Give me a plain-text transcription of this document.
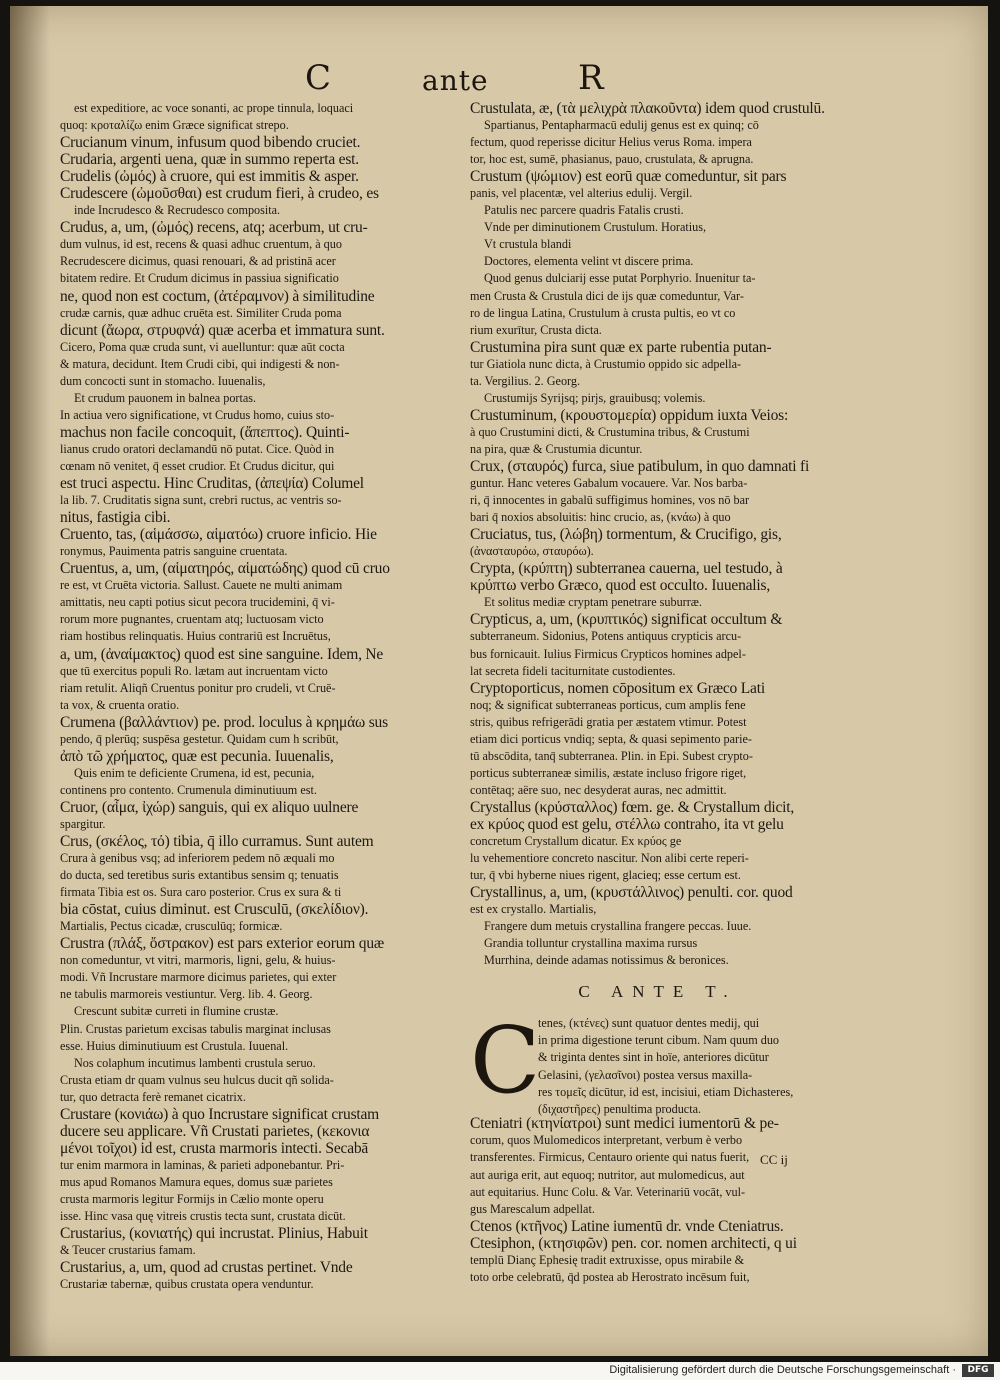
C	ante	R
est expeditiore, ac voce sonanti, ac prope tinnula, loquaci
quoq: κροταλίζω enim Græce significat strepo.
Crucianum vinum, infusum quod bibendo cruciet.
Crudaria, argenti uena, quæ in summo reperta est.
Crudelis (ὠμός) à cruore, qui est immitis & asper.
Crudescere (ὠμοῦσθαι) est crudum fieri, à crudeo, es
inde Incrudesco & Recrudesco composita.
Crudus, a, um, (ὠμός) recens, atq; acerbum, ut cru-
dum vulnus, id est, recens & quasi adhuc cruentum, à quo
Recrudescere dicimus, quasi renouari, & ad pristinā acer
bitatem redire. Et Crudum dicimus in passiua significatio
ne, quod non est coctum, (ἀτέραμνον) à similitudine
crudæ carnis, quæ adhuc cruēta est. Similiter Cruda poma
dicunt (ἄωρα, στρυφνά) quæ acerba et immatura sunt.
Cicero, Poma quæ cruda sunt, vi auelluntur: quæ aūt cocta
& matura, decidunt. Item Crudi cibi, qui indigesti & non-
dum concocti sunt in stomacho. Iuuenalis,
Et crudum pauonem in balnea portas.
In actiua vero significatione, vt Crudus homo, cuius sto-
machus non facile concoquit, (ἄπεπτος). Quinti-
lianus crudo oratori declamandū nō putat. Cice. Quòd in
cœnam nō venitet, q̄ esset crudior. Et Crudus dicitur, qui
est truci aspectu. Hinc Cruditas, (ἀπεψία) Columel
la lib. 7. Cruditatis signa sunt, crebri ructus, ac ventris so-
nitus, fastigia cibi.
Cruento, tas, (αἱμάσσω, αἱματόω) cruore inficio. Hie
ronymus, Pauimenta patris sanguine cruentata.
Cruentus, a, um, (αἱματηρός, αἱματώδης) quod cū cruo
re est, vt Cruēta victoria. Sallust. Cauete ne multi animam
amittatis, neu capti potius sicut pecora trucidemini, q̄ vi-
rorum more pugnantes, cruentam atq; luctuosam victo
riam hostibus relinquatis. Huius contrariū est Incruētus,
a, um, (ἀναίμακτος) quod est sine sanguine. Idem, Ne
que tū exercitus populi Ro. lætam aut incruentam victo
riam retulit. Aliqñ Cruentus ponitur pro crudeli, vt Cruē-
ta vox, & cruenta oratio.
Crumena (βαλλάντιον) pe. prod. loculus à κρημάω sus
pendo, q̄ plerūq; suspēsa gestetur. Quidam cum h scribūt,
ἀπὸ τῶ χρήματος, quæ est pecunia. Iuuenalis,
Quis enim te deficiente Crumena, id est, pecunia,
continens pro contento. Crumenula diminutiuum est.
Cruor, (αἷμα, ἰχώρ) sanguis, qui ex aliquo uulnere
spargitur.
Crus, (σκέλος, τό) tibia, q̄ illo curramus. Sunt autem
Crura à genibus vsq; ad inferiorem pedem nō æquali mo
do ducta, sed teretibus suris extantibus sensim q; tenuatis
firmata Tibia est os. Sura caro posterior. Crus ex sura & ti
bia cōstat, cuius diminut. est Crusculū, (σκελίδιον).
Martialis, Pectus cicadæ, crusculūq; formicæ.
Crustra (πλάξ, ὄστρακον) est pars exterior eorum quæ
non comeduntur, vt vitri, marmoris, ligni, gelu, & huius-
modi. Vñ Incrustare marmore dicimus parietes, qui exter
ne tabulis marmoreis vestiuntur. Verg. lib. 4. Georg.
Crescunt subitæ curreti in flumine crustæ.
Plin. Crustas parietum excisas tabulis marginat inclusas
esse. Huius diminutiuum est Crustula. Iuuenal.
Nos colaphum incutimus lambenti crustula seruo.
Crusta etiam dr quam vulnus seu hulcus ducit qñ solida-
tur, quo detracta ferè remanet cicatrix.
Crustare (κονιάω) à quo Incrustare significat crustam
ducere seu applicare. Vñ Crustati parietes, (κεκονια
μένοι τοῖχοι) id est, crusta marmoris intecti. Secabā
tur enim marmora in laminas, & parieti adponebantur. Pri-
mus apud Romanos Mamura eques, domus suæ parietes
crusta marmoris legitur Formijs in Cælio monte operu
isse. Hinc vasa quę vitreis crustis tecta sunt, crustata dicūt.
Crustarius, (κονιατής) qui incrustat. Plinius, Habuit
& Teucer crustarius famam.
Crustarius, a, um, quod ad crustas pertinet. Vnde
Crustariæ tabernæ, quibus crustata opera venduntur.
Crustulata, æ, (τὰ μελιχρὰ πλακοῦντα) idem quod crustulū.
Spartianus, Pentapharmacū edulij genus est ex quinq; cō
fectum, quod reperisse dicitur Helius verus Roma. impera
tor, hoc est, sumē, phasianus, pauo, crustulata, & aprugna.
Crustum (ψώμιον) est eorū quæ comeduntur, sit pars
panis, vel placentæ, vel alterius edulij. Vergil.
Patulis nec parcere quadris Fatalis crusti.
Vnde per diminutionem Crustulum. Horatius,
Vt crustula blandi
Doctores, elementa velint vt discere prima.
Quod genus dulciarij esse putat Porphyrio. Inuenitur ta-
men Crusta & Crustula dici de ijs quæ comeduntur, Var-
ro de lingua Latina, Crustulum à crusta pultis, eo vt co
rium exurītur, Crusta dicta.
Crustumina pira sunt quæ ex parte rubentia putan-
tur Giatiola nunc dicta, à Crustumio oppido sic adpella-
ta. Vergilius. 2. Georg.
Crustumijs Syrijsq; pirjs, grauibusq; volemis.
Crustuminum, (κρουστομερία) oppidum iuxta Veios:
à quo Crustumini dicti, & Crustumina tribus, & Crustumi
na pira, quæ & Crustumia dicuntur.
Crux, (σταυρός) furca, siue patibulum, in quo damnati fi
guntur. Hanc veteres Gabalum vocauere. Var. Nos barba-
ri, q̄ innocentes in gabalū suffigimus homines, vos nō bar
bari q̄ noxios absoluitis: hinc crucio, as, (κνάω) à quo
Cruciatus, tus, (λώβη) tormentum, & Crucifigo, gis,
(ἀνασταυρόω, σταυρόω).
Crypta, (κρύπτη) subterranea cauerna, uel testudo, à
κρύπτω verbo Græco, quod est occulto. Iuuenalis,
Et solitus mediæ cryptam penetrare suburræ.
Crypticus, a, um, (κρυπτικός) significat occultum &
subterraneum. Sidonius, Potens antiquus crypticis arcu-
bus fornicauit. Iulius Firmicus Crypticos homines adpel-
lat secreta fideli taciturnitate custodientes.
Cryptoporticus, nomen cōpositum ex Græco Lati
noq; & significat subterraneas porticus, cum amplis fene
stris, quibus refrigerādi gratia per æstatem vtimur. Potest
etiam dici porticus vndiq; septa, & quasi sepimento parie-
tū abscōdita, tanq̄ subterranea. Plin. in Epi. Subest crypto-
porticus subterraneæ similis, æstate incluso frigore riget,
contētaq; aëre suo, nec desyderat auras, nec admittit.
Crystallus (κρύσταλλος) fœm. ge. & Crystallum dicit,
ex κρύος quod est gelu, στέλλω contraho, ita vt gelu
concretum Crystallum dicatur. Ex κρύος ge
lu vehementiore concreto nascitur. Non alibi certe reperi-
tur, q̄ vbi hyberne niues rigent, glacieq; esse certum est.
Crystallinus, a, um, (κρυστάλλινος) penulti. cor. quod
est ex crystallo. Martialis,
Frangere dum metuis crystallina frangere peccas. Iuue.
Grandia tolluntur crystallina maxima rursus
Murrhina, deinde adamas notissimus & beronices.
C ANTE T.
C
tenes, (κτένες) sunt quatuor dentes medij, qui
in prima digestione terunt cibum. Nam quum duo
& triginta dentes sint in hoïe, anteriores dicūtur
Gelasini, (γελασῖνοι) postea versus maxilla-
res τομεῖς dicūtur, id est, incisiui, etiam Dichasteres,
(διχαστῆρες) penultima producta.
Cteniatri (κτηνίατροι) sunt medici iumentorū & pe-
corum, quos Mulomedicos interpretant, verbum è verbo
transferentes. Firmicus, Centauro oriente qui natus fuerit,
aut auriga erit, aut equoq; nutritor, aut mulomedicus, aut
aut equitarius. Hunc Colu. & Var. Veterinariū vocāt, vul-
gus Marescalum adpellat.
Ctenos (κτῆνος) Latine iumentū dr. vnde Cteniatrus.
Ctesiphon, (κτησιφῶν) pen. cor. nomen architecti, q ui
templū Dianç Ephesię tradit extruxisse, opus mirabile &
toto orbe celebratū, q̄d postea ab Herostrato incēsum fuit,
CC ij
Digitalisierung gefördert durch die Deutsche Forschungsgemeinschaft ·	DFG
